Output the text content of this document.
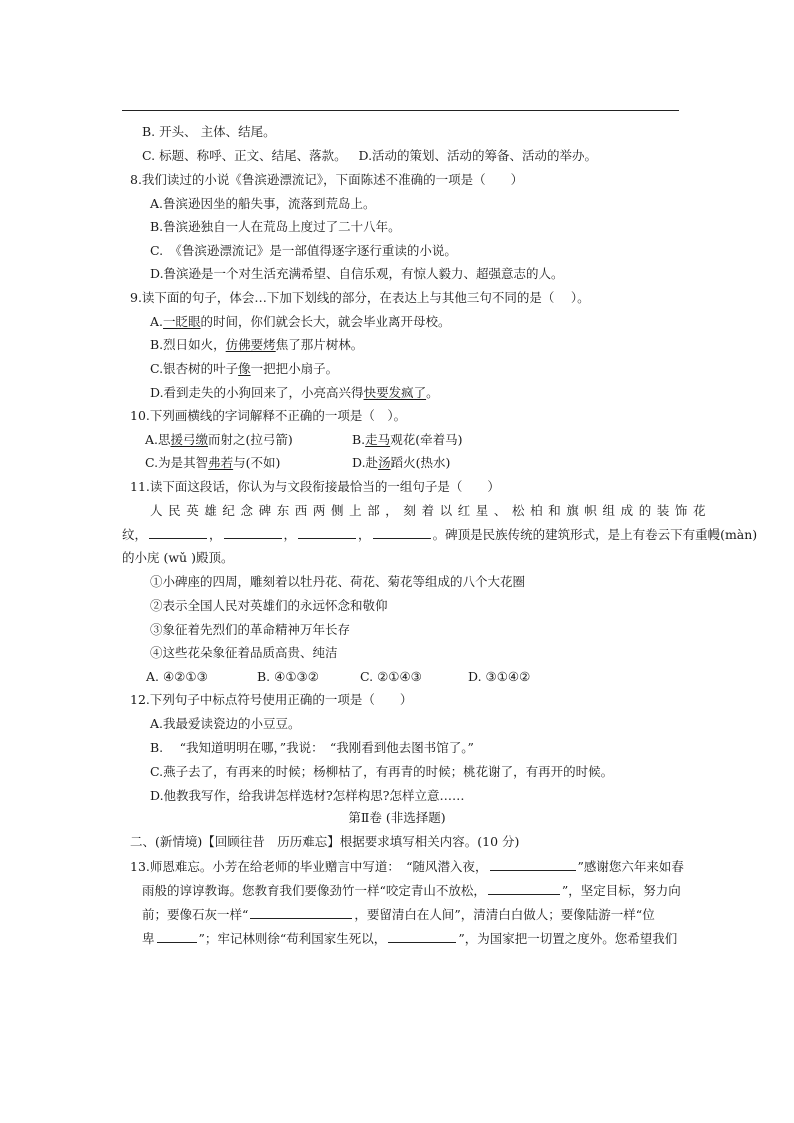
B. 开头、 主体、结尾。
C. 标题、称呼、正文、结尾、落款。 D.活动的策划、活动的筹备、活动的举办。
8.我们读过的小说《鲁滨逊漂流记》，下面陈述不准确的一项是（　　）
A.鲁滨逊因坐的船失事，流落到荒岛上。
B.鲁滨逊独自一人在荒岛上度过了二十八年。
C.　《鲁滨逊漂流记》是一部值得逐字逐行重读的小说。
D.鲁滨逊是一个对生活充满希望、自信乐观，有惊人毅力、超强意志的人。
9.读下面的句子，体会…下加下划线的部分，在表达上与其他三句不同的是（　 ）。
A.一眨眼的时间，你们就会长大，就会毕业离开母校。
B.烈日如火，仿佛要烤焦了那片树林。
C.银杏树的叶子像一把把小扇子。
D.看到走失的小狗回来了，小亮高兴得快要发疯了。
10.下列画横线的字词解释不正确的一项是（　）。
A.思援弓缴而射之(拉弓箭)	B.走马观花(牵着马)
C.为是其智弗若与(不如)	D.赴汤蹈火(热水)
11.读下面这段话，你认为与文段衔接最恰当的一组句子是（　　）
人民英雄纪念碑东西两侧上部，刻着以红星、松柏和旗帜组成的装饰花
纹，	，	，	，	。碑顶是民族传统的建筑形式，是上有卷云下有重幔(màn)
的小庑 (wǔ )殿顶。
①小碑座的四周，雕刻着以牡丹花、荷花、菊花等组成的八个大花圈
②表示全国人民对英雄们的永远怀念和敬仰
③象征着先烈们的革命精神万年长存
④这些花朵象征着品质高贵、纯洁
A. ④②①③	B. ④①③②	C. ②①④③	D. ③①④②
12.下列句子中标点符号使用正确的一项是（　　）
A.我最爱读瓷边的小豆豆。
B.　 “我知道明明在哪，”我说：　“我刚看到他去图书馆了。”
C.燕子去了，有再来的时候；杨柳枯了，有再青的时候；桃花谢了，有再开的时候。
D.他教我写作，给我讲怎样选材?怎样构思?怎样立意……
第Ⅱ卷 (非选择题)
二、(新情境)【回顾往昔　历历难忘】根据要求填写相关内容。(10 分)
13.师恩难忘。小芳在给老师的毕业赠言中写道：　“随风潜入夜，	”感谢您六年来如春
雨般的谆谆教诲。您教育我们要像劲竹一样“咬定青山不放松，	”，坚定目标，努力向
前；要像石灰一样“	，要留清白在人间”，清清白白做人；要像陆游一样“位
卑	”；牢记林则徐“苟利国家生死以，	”，为国家把一切置之度外。您希望我们
